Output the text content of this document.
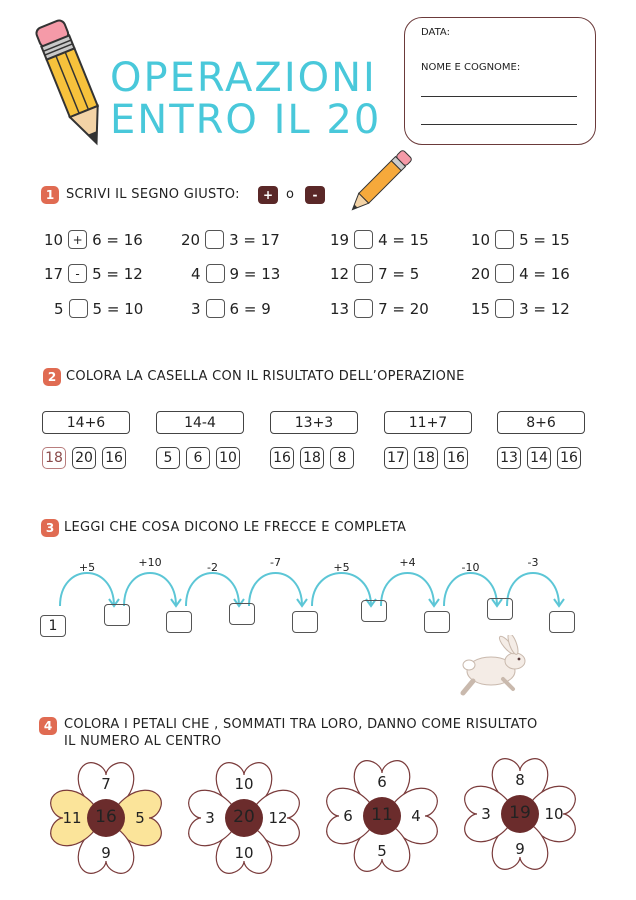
OPERAZIONI
ENTRO IL 20
DATA:
NOME E COGNOME:
1 SCRIVI IL SEGNO GIUSTO:	+ o	-
10 + 6 = 16	20 3 = 17	19 4 = 15	10 5 = 15
17 - 5 = 12	4 9 = 13	12 7 = 5	20 4 = 16
5 5 = 10	3 6 = 9	13 7 = 20	15 3 = 12
2 COLORA LA CASELLA CON IL RISULTATO DELL’OPERAZIONE
14+6
18 20 16
14-4
5	6	10
13+3
16 18	8
11+7
17 18 16
8+6
13 14 16
3 LEGGI CHE COSA DICONO LE FRECCE E COMPLETA
1
+5	+10	-2	-7	+5	+4	-10	-3
4 COLORA I PETALI CHE , SOMMATI TRA LORO, DANNO COME RISULTATO
IL NUMERO AL CENTRO
7
9
11	5
16
10
10
3	12
20
6
5
6	4
11
8
9
3	10
19
